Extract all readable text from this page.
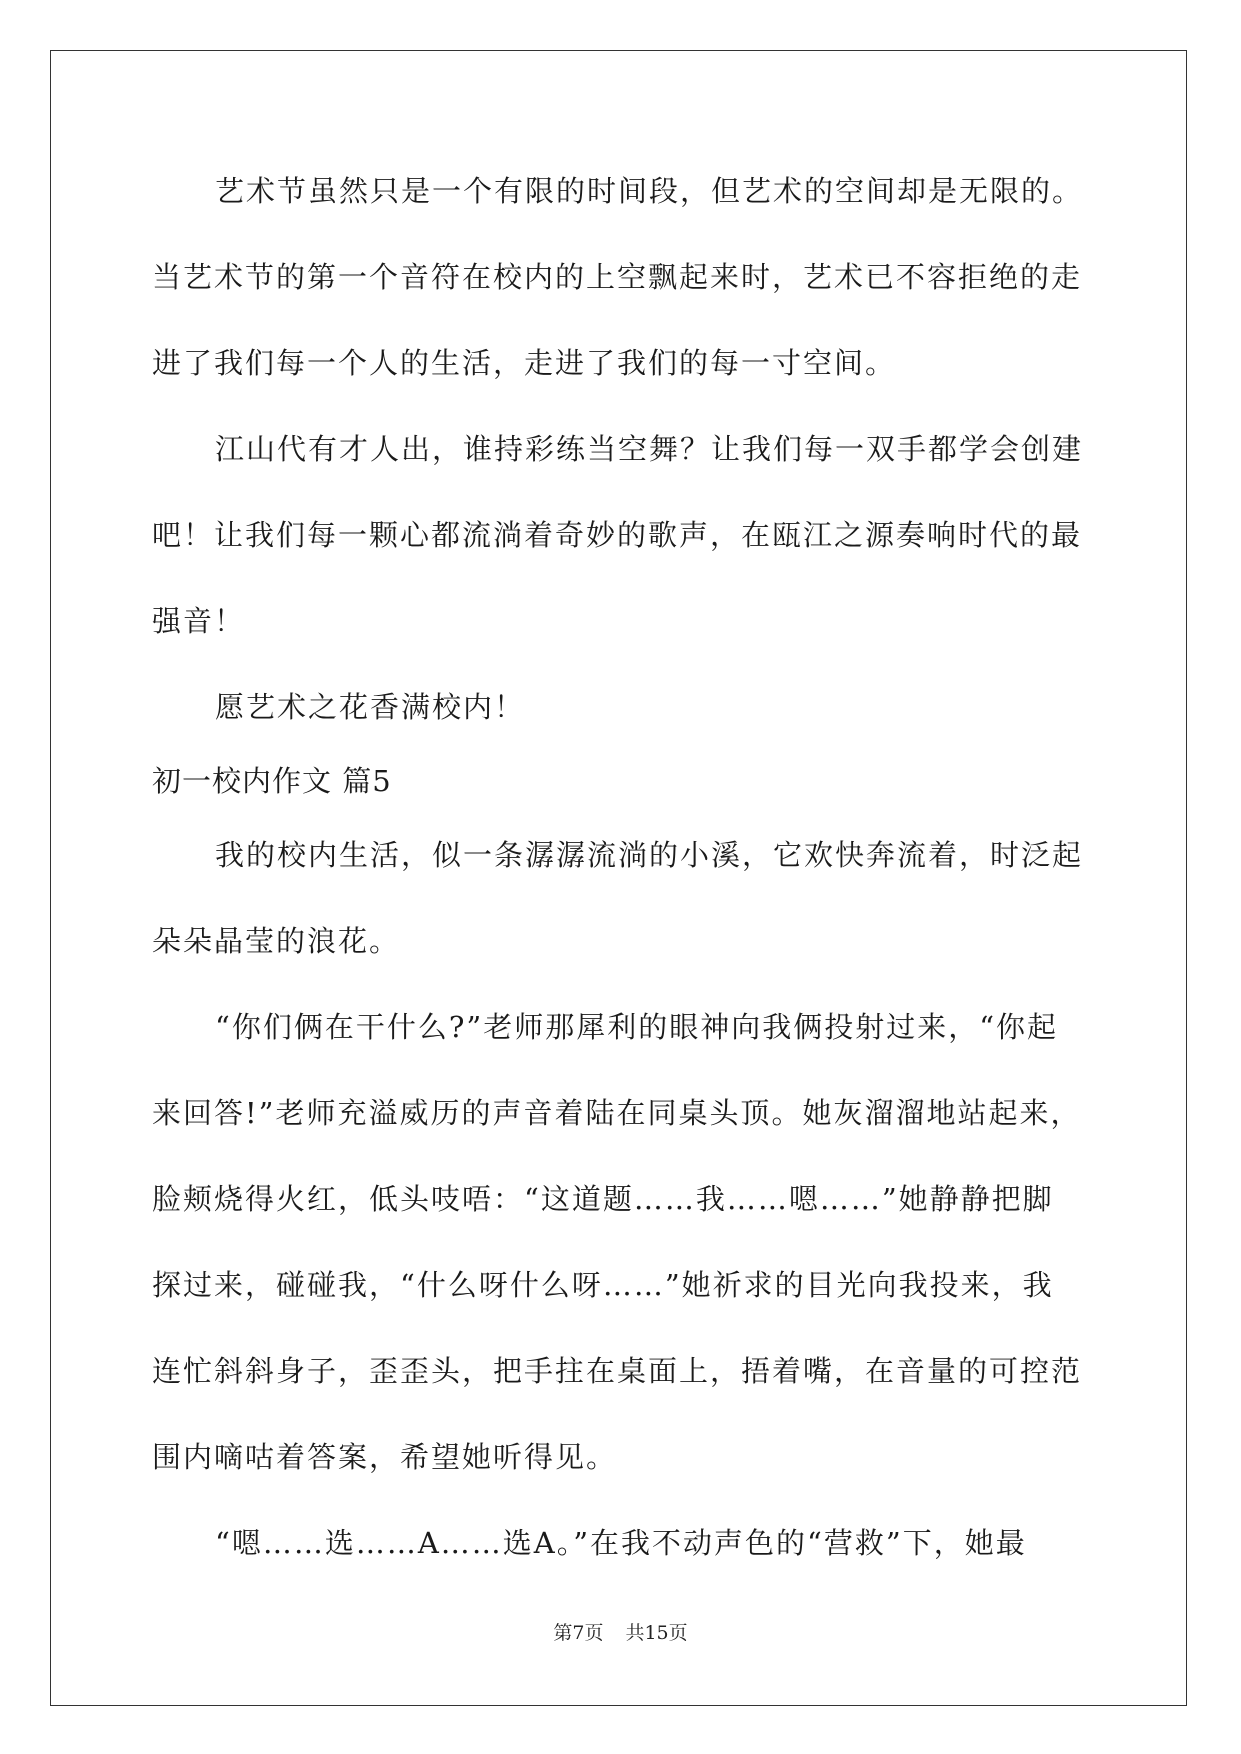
艺术节虽然只是一个有限的时间段，但艺术的空间却是无限的。
当艺术节的第一个音符在校内的上空飘起来时，艺术已不容拒绝的走
进了我们每一个人的生活，走进了我们的每一寸空间。
江山代有才人出，谁持彩练当空舞？让我们每一双手都学会创建
吧！让我们每一颗心都流淌着奇妙的歌声，在瓯江之源奏响时代的最
强音！
愿艺术之花香满校内！
初一校内作文 篇5
我的校内生活，似一条潺潺流淌的小溪，它欢快奔流着，时泛起
朵朵晶莹的浪花。
“你们俩在干什么?”老师那犀利的眼神向我俩投射过来，“你起
来回答!”老师充溢威历的声音着陆在同桌头顶。她灰溜溜地站起来，
脸颊烧得火红，低头吱唔：“这道题……我……嗯……”她静静把脚
探过来，碰碰我，“什么呀什么呀……”她祈求的目光向我投来，我
连忙斜斜身子，歪歪头，把手拄在桌面上，捂着嘴，在音量的可控范
围内嘀咕着答案，希望她听得见。
“嗯……选……A……选A。”在我不动声色的“营救”下，她最
第7页 共15页
